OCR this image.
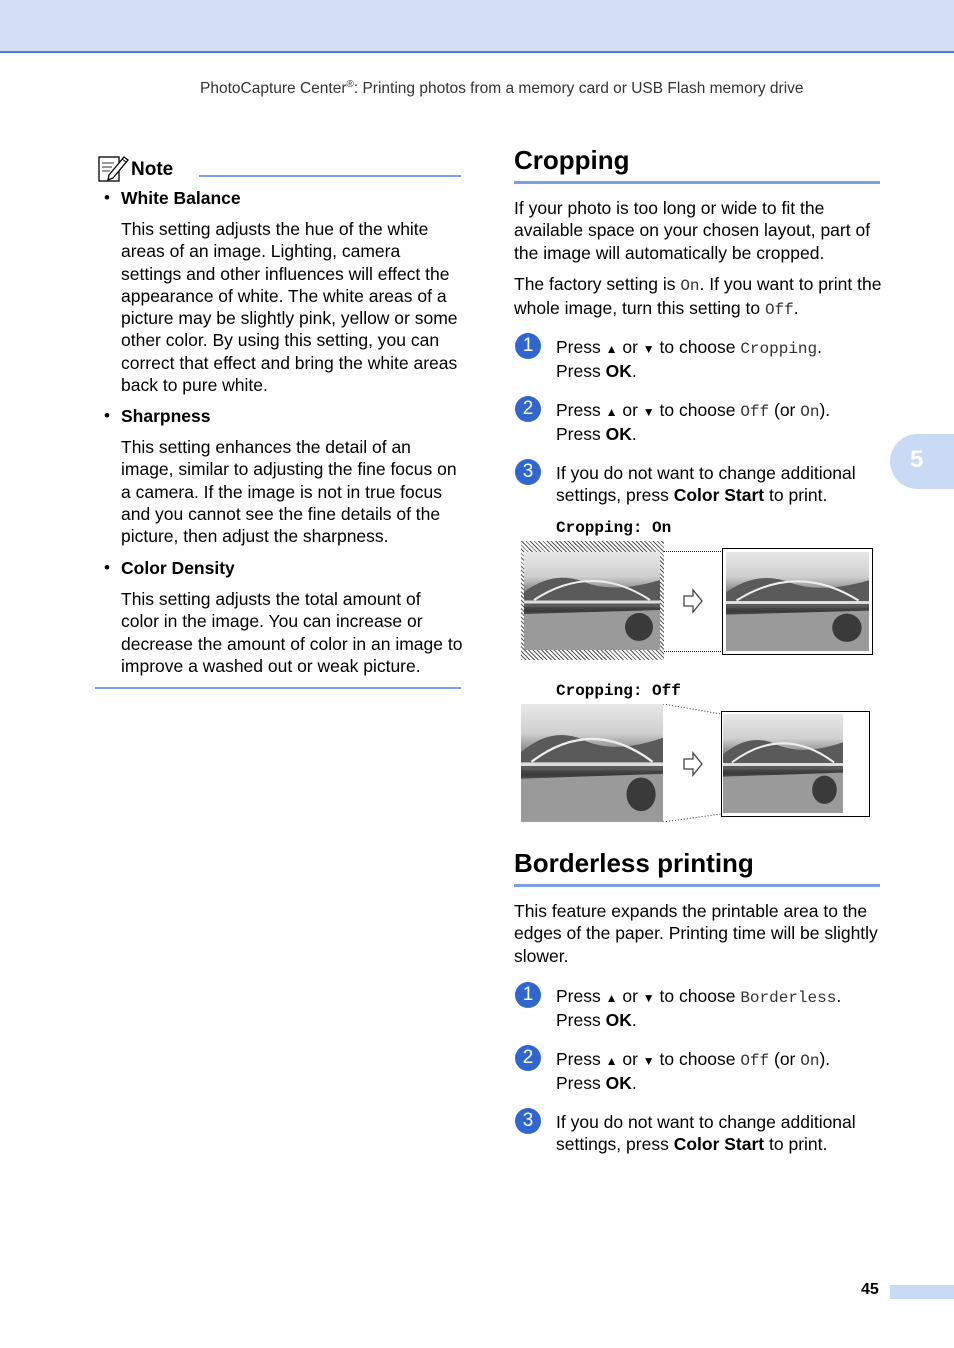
PhotoCapture Center®: Printing photos from a memory card or USB Flash memory drive
Note
• White Balance
This setting adjusts the hue of the white areas of an image. Lighting, camera settings and other influences will effect the appearance of white. The white areas of a picture may be slightly pink, yellow or some other color. By using this setting, you can correct that effect and bring the white areas back to pure white.
• Sharpness
This setting enhances the detail of an image, similar to adjusting the fine focus on a camera. If the image is not in true focus and you cannot see the fine details of the picture, then adjust the sharpness.
• Color Density
This setting adjusts the total amount of color in the image. You can increase or decrease the amount of color in an image to improve a washed out or weak picture.
Cropping
If your photo is too long or wide to fit the available space on your chosen layout, part of the image will automatically be cropped.
The factory setting is On. If you want to print the whole image, turn this setting to Off.
1	Press ▲ or ▼ to choose Cropping.
Press OK.
2	Press ▲ or ▼ to choose Off (or On).
Press OK.
3	If you do not want to change additional settings, press Color Start to print.
Cropping: On
Cropping: Off
Borderless printing
This feature expands the printable area to the edges of the paper. Printing time will be slightly slower.
1	Press ▲ or ▼ to choose Borderless.
Press OK.
2	Press ▲ or ▼ to choose Off (or On).
Press OK.
3	If you do not want to change additional settings, press Color Start to print.
5
45
